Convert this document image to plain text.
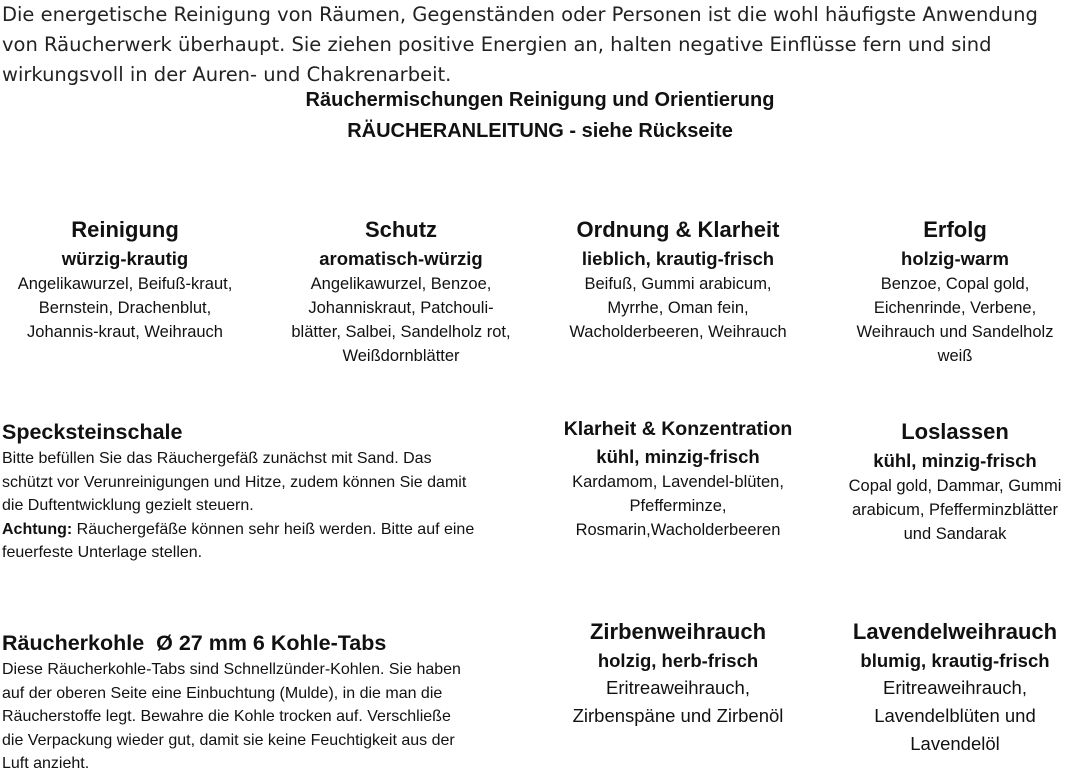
Die energetische Reinigung von Räumen, Gegenständen oder Personen ist die wohl häufigste Anwendung
von Räucherwerk überhaupt. Sie ziehen positive Energien an, halten negative Einflüsse fern und sind
wirkungsvoll in der Auren- und Chakrenarbeit.
Räuchermischungen Reinigung und Orientierung
RÄUCHERANLEITUNG - siehe Rückseite
Reinigung
würzig-krautig
Angelikawurzel, Beifuß-kraut,
Bernstein, Drachenblut,
Johannis-kraut, Weihrauch
Schutz
aromatisch-würzig
Angelikawurzel, Benzoe,
Johanniskraut, Patchouli-
blätter, Salbei, Sandelholz rot,
Weißdornblätter
Ordnung & Klarheit
lieblich, krautig-frisch
Beifuß, Gummi arabicum,
Myrrhe, Oman fein,
Wacholderbeeren, Weihrauch
Erfolg
holzig-warm
Benzoe, Copal gold,
Eichenrinde, Verbene,
Weihrauch und Sandelholz
weiß
Specksteinschale
Bitte befüllen Sie das Räuchergefäß zunächst mit Sand. Das
schützt vor Verunreinigungen und Hitze, zudem können Sie damit
die Duftentwicklung gezielt steuern.
Achtung: Räuchergefäße können sehr heiß werden. Bitte auf eine
feuerfeste Unterlage stellen.
Klarheit & Konzentration
kühl, minzig-frisch
Kardamom, Lavendel-blüten,
Pfefferminze,
Rosmarin,Wacholderbeeren
Loslassen
kühl, minzig-frisch
Copal gold, Dammar, Gummi
arabicum, Pfefferminzblätter
und Sandarak
Räucherkohle  Ø 27 mm 6 Kohle-Tabs
Diese Räucherkohle-Tabs sind Schnellzünder-Kohlen. Sie haben
auf der oberen Seite eine Einbuchtung (Mulde), in die man die
Räucherstoffe legt. Bewahre die Kohle trocken auf. Verschließe
die Verpackung wieder gut, damit sie keine Feuchtigkeit aus der
Luft anzieht.
Zirbenweihrauch
holzig, herb-frisch
Eritreaweihrauch,
Zirbenspäne und Zirbenöl
Lavendelweihrauch
blumig, krautig-frisch
Eritreaweihrauch,
Lavendelblüten und
Lavendelöl
